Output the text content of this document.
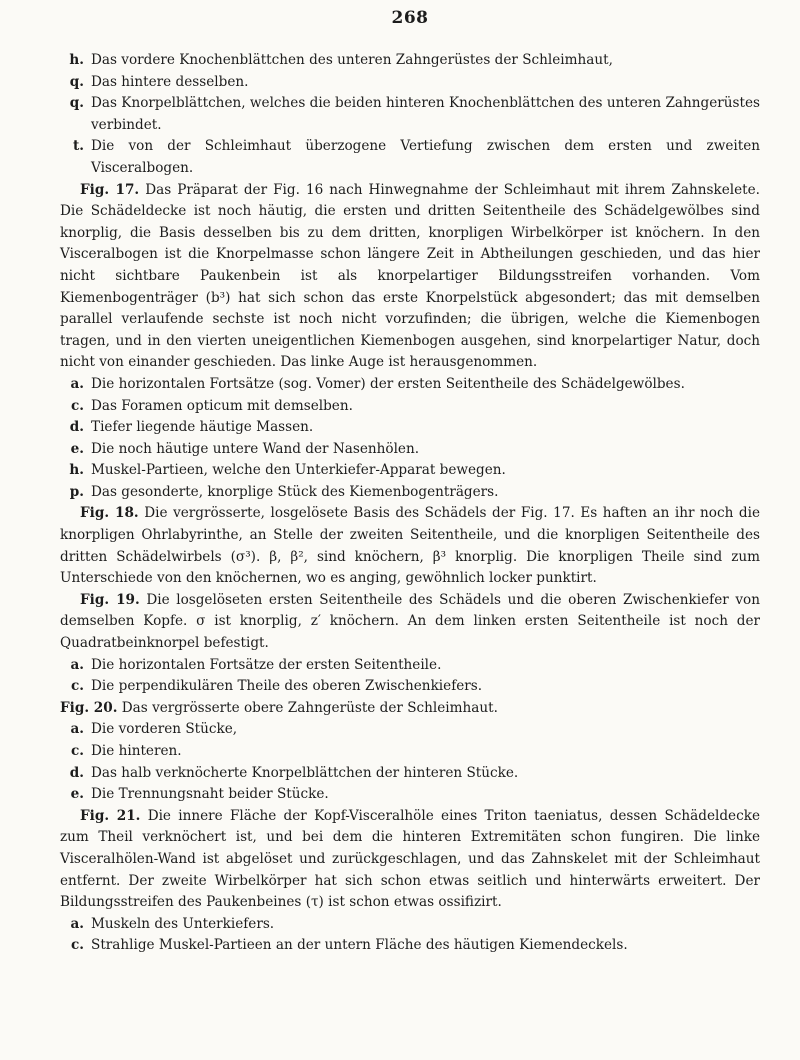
268

h. Das vordere Knochenblättchen des unteren Zahngerüstes der Schleimhaut,

q. Das hintere desselben.

q. Das Knorpelblättchen, welches die beiden hinteren Knochenblättchen des unteren Zahngerüstes verbindet.

t. Die von der Schleimhaut überzogene Vertiefung zwischen dem ersten und zweiten Visceralbogen.

Fig. 17. Das Präparat der Fig. 16 nach Hinwegnahme der Schleimhaut mit ihrem Zahnskelete. Die Schädeldecke ist noch häutig, die ersten und dritten Seitentheile des Schädelgewölbes sind knorplig, die Basis desselben bis zu dem dritten, knorpligen Wirbelkörper ist knöchern. In den Visceralbogen ist die Knorpelmasse schon längere Zeit in Abtheilungen geschieden, und das hier nicht sichtbare Paukenbein ist als knorpelartiger Bildungsstreifen vorhanden. Vom Kiemenbogenträger (b³) hat sich schon das erste Knorpelstück abgesondert; das mit demselben parallel verlaufende sechste ist noch nicht vorzufinden; die übrigen, welche die Kiemenbogen tragen, und in den vierten uneigentlichen Kiemenbogen ausgehen, sind knorpelartiger Natur, doch nicht von einander geschieden. Das linke Auge ist herausgenommen.

a. Die horizontalen Fortsätze (sog. Vomer) der ersten Seitentheile des Schädelgewölbes.

c. Das Foramen opticum mit demselben.

d. Tiefer liegende häutige Massen.

e. Die noch häutige untere Wand der Nasenhölen.

h. Muskel-Partieen, welche den Unterkiefer-Apparat bewegen.

p. Das gesonderte, knorplige Stück des Kiemenbogenträgers.

Fig. 18. Die vergrösserte, losgelösete Basis des Schädels der Fig. 17. Es haften an ihr noch die knorpligen Ohrlabyrinthe, an Stelle der zweiten Seitentheile, und die knorpligen Seitentheile des dritten Schädelwirbels (σ³). β, β², sind knöchern, β³ knorplig. Die knorpligen Theile sind zum Unterschiede von den knöchernen, wo es anging, gewöhnlich locker punktirt.

Fig. 19. Die losgelöseten ersten Seitentheile des Schädels und die oberen Zwischenkiefer von demselben Kopfe. σ ist knorplig, z′ knöchern. An dem linken ersten Seitentheile ist noch der Quadratbeinknorpel befestigt.

a. Die horizontalen Fortsätze der ersten Seitentheile.

c. Die perpendikulären Theile des oberen Zwischenkiefers.

Fig. 20. Das vergrösserte obere Zahngerüste der Schleimhaut.

a. Die vorderen Stücke,

c. Die hinteren.

d. Das halb verknöcherte Knorpelblättchen der hinteren Stücke.

e. Die Trennungsnaht beider Stücke.

Fig. 21. Die innere Fläche der Kopf-Visceralhöle eines Triton taeniatus, dessen Schädeldecke zum Theil verknöchert ist, und bei dem die hinteren Extremitäten schon fungiren. Die linke Visceralhölen-Wand ist abgelöset und zurückgeschlagen, und das Zahnskelet mit der Schleimhaut entfernt. Der zweite Wirbelkörper hat sich schon etwas seitlich und hinterwärts erweitert. Der Bildungsstreifen des Paukenbeines (τ) ist schon etwas ossifizirt.

a. Muskeln des Unterkiefers.

c. Strahlige Muskel-Partieen an der untern Fläche des häutigen Kiemendeckels.
